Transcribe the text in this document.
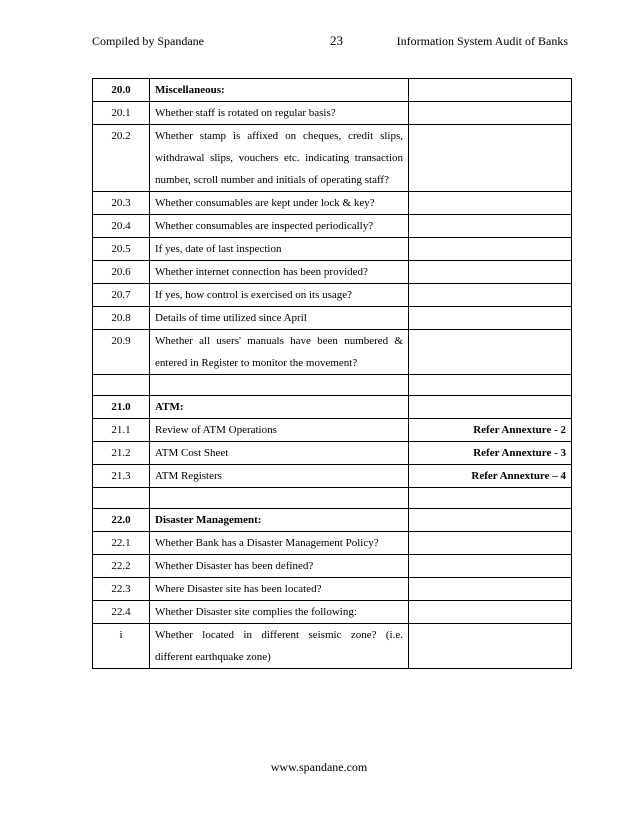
Compiled by Spandane	23	Information System Audit of Banks
20.0	Miscellaneous:	
20.1	Whether staff is rotated on regular basis?	
20.2	Whether stamp is affixed on cheques, credit slips, withdrawal slips, vouchers etc. indicating transaction number, scroll number and initials of operating staff?	
20.3	Whether consumables are kept under lock & key?	
20.4	Whether consumables are inspected periodically?	
20.5	If yes, date of last inspection	
20.6	Whether internet connection has been provided?	
20.7	If yes, how control is exercised on its usage?	
20.8	Details of time utilized since April	
20.9	Whether all users' manuals have been numbered & entered in Register to monitor the movement?	

21.0	ATM:	
21.1	Review of ATM Operations	Refer Annexture - 2
21.2	ATM Cost Sheet	Refer Annexture - 3
21.3	ATM Registers	Refer Annexture – 4

22.0	Disaster Management:	
22.1	Whether Bank has a Disaster Management Policy?	
22.2	Whether Disaster has been defined?	
22.3	Where Disaster site has been located?	
22.4	Whether Disaster site complies the following:	
i	Whether located in different seismic zone? (i.e. different earthquake zone)	
www.spandane.com
